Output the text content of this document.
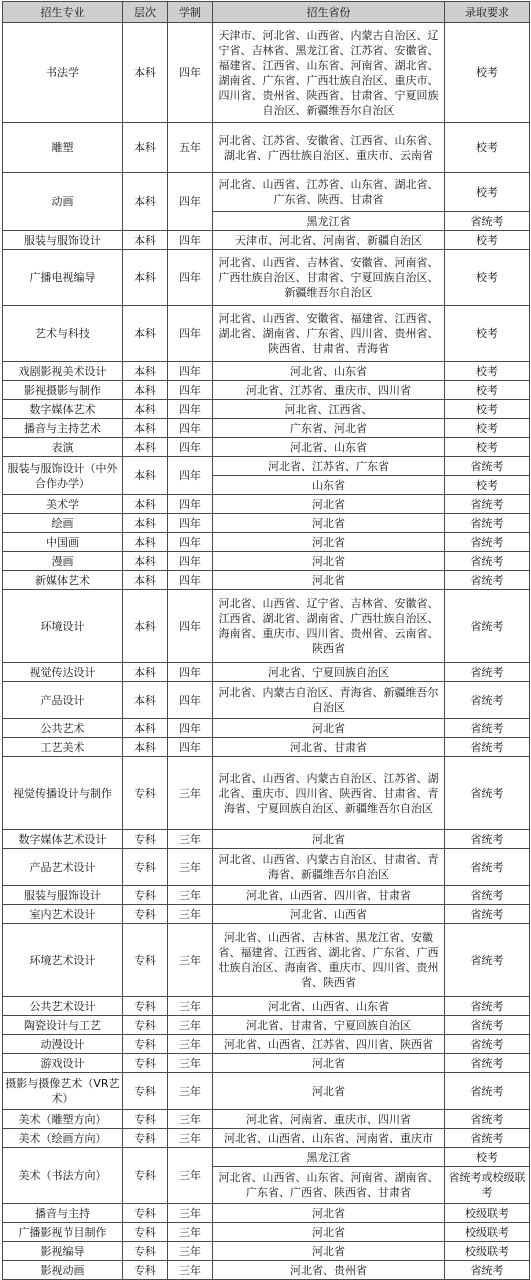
招生专业	层次	学制	招生省份	录取要求
书法学	本科	四年	天津市、河北省、山西省、内蒙古自治区、辽宁省、吉林省、黑龙江省、江苏省、安徽省、福建省、江西省、山东省、河南省、湖北省、湖南省、广东省、广西壮族自治区、重庆市、四川省、贵州省、陕西省、甘肃省、宁夏回族自治区、新疆维吾尔自治区	校考
雕塑	本科	五年	河北省、江苏省、安徽省、江西省、山东省、湖北省、广西壮族自治区、重庆市、云南省	校考
动画	本科	四年	河北省、山西省、江苏省、山东省、湖北省、广东省、陕西、甘肃省	校考
			黑龙江省	省统考
服装与服饰设计	本科	四年	天津市、河北省、河南省、新疆自治区	校考
广播电视编导	本科	四年	河北省、山西省、吉林省、安徽省、河南省、广西壮族自治区、甘肃省、宁夏回族自治区、新疆维吾尔自治区	校考
艺术与科技	本科	四年	河北省、山西省、安徽省、福建省、江西省、湖北省、湖南省、广东省、四川省、贵州省、陕西省、甘肃省、青海省	校考
戏剧影视美术设计	本科	四年	河北省、山东省	校考
影视摄影与制作	本科	四年	河北省、江苏省、重庆市、四川省	校考
数字媒体艺术	本科	四年	河北省、江西省、	校考
播音与主持艺术	本科	四年	广东省、河北省	校考
表演	本科	四年	河北省、山东省	校考
服装与服饰设计（中外合作办学）	本科	四年	河北省、江苏省、广东省	省统考
			山东省	校考
美术学	本科	四年	河北省	省统考
绘画	本科	四年	河北省	省统考
中国画	本科	四年	河北省	省统考
漫画	本科	四年	河北省	省统考
新媒体艺术	本科	四年	河北省	省统考
环境设计	本科	四年	河北省、山西省、辽宁省、吉林省、安徽省、江西省、湖北省、湖南省、广西壮族自治区、海南省、重庆市、四川省、贵州省、云南省、陕西省	省统考
视觉传达设计	本科	四年	河北省、宁夏回族自治区	省统考
产品设计	本科	四年	河北省、内蒙古自治区、青海省、新疆维吾尔自治区	省统考
公共艺术	本科	四年	河北省	省统考
工艺美术	本科	四年	河北省、甘肃省	省统考
视觉传播设计与制作	专科	三年	河北省、山西省、内蒙古自治区、江苏省、湖北省、重庆市、四川省、陕西省、甘肃省、青海省、宁夏回族自治区、新疆维吾尔自治区	省统考
数字媒体艺术设计	专科	三年	河北省	省统考
产品艺术设计	专科	三年	河北省、山西省、内蒙古自治区、甘肃省、青海省、新疆维吾尔自治区	省统考
服装与服饰设计	专科	三年	河北省、山西省、四川省、甘肃省	省统考
室内艺术设计	专科	三年	河北省、山西省	省统考
环境艺术设计	专科	三年	河北省、山西省、吉林省、黑龙江省、安徽省、福建省、江西省、湖北省、广东省、广西壮族自治区、海南省、重庆市、四川省、贵州省、陕西省	省统考
公共艺术设计	专科	三年	河北省、山西省、山东省	省统考
陶瓷设计与工艺	专科	三年	河北省、甘肃省、宁夏回族自治区	省统考
动漫设计	专科	三年	河北省、山西省、江苏省、四川省、陕西省	省统考
游戏设计	专科	三年	河北省	省统考
摄影与摄像艺术（VR艺术）	专科	三年	河北省	省统考
美术（雕塑方向）	专科	三年	河北省、河南省、重庆市、四川省	省统考
美术（绘画方向）	专科	三年	河北省、山西省、山东省、河南省、重庆市	省统考
美术（书法方向）	专科	三年	黑龙江省	校考
			河北省、山西省、山东省、河南省、湖南省、广东省、广西省、陕西省、甘肃省	省统考或校级联考
播音与主持	专科	三年	河北省	校级联考
广播影视节目制作	专科	三年	河北省	校级联考
影视编导	专科	三年	河北省	校级联考
影视动画	专科	三年	河北省、贵州省	省统考
